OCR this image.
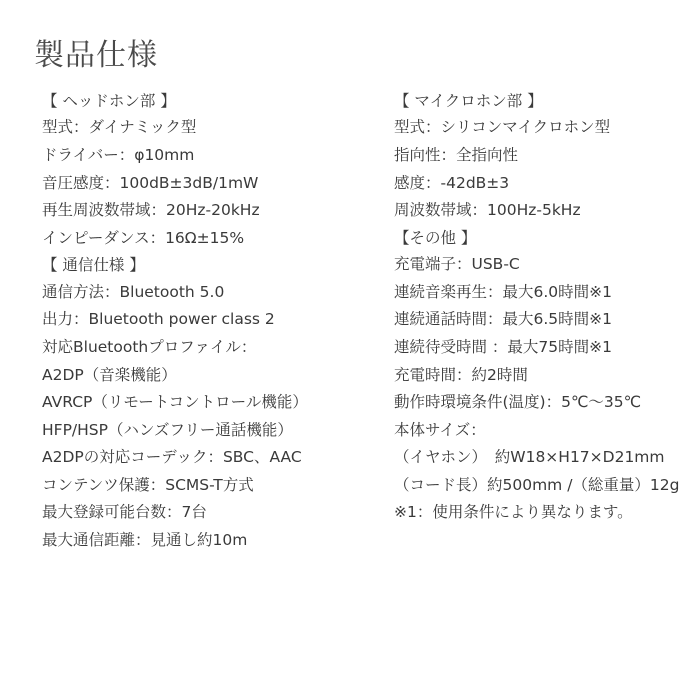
製品仕様
【 ヘッドホン部 】
型式：ダイナミック型
ドライバー：φ10mm
音圧感度：100dB±3dB/1mW
再生周波数帯域：20Hz-20kHz
インピーダンス：16Ω±15%
【 通信仕様 】
通信方法：Bluetooth 5.0
出力：Bluetooth power class 2
対応Bluetoothプロファイル：
A2DP（音楽機能）
AVRCP（リモートコントロール機能）
HFP/HSP（ハンズフリー通話機能）
A2DPの対応コーデック：SBC、AAC
コンテンツ保護：SCMS-T方式
最大登録可能台数：7台
最大通信距離：見通し約10m
【 マイクロホン部 】
型式：シリコンマイクロホン型
指向性：全指向性
感度：-42dB±3
周波数帯域：100Hz-5kHz
【その他 】
充電端子：USB-C
連続音楽再生：最大6.0時間※1
連続通話時間：最大6.5時間※1
連続待受時間 ：最大75時間※1
充電時間：約2時間
動作時環境条件(温度)：5℃〜35℃
本体サイズ：
（イヤホン）　約W18×H17×D21mm
（コード長）約500mm /（総重量）12g
※1：使用条件により異なります。
